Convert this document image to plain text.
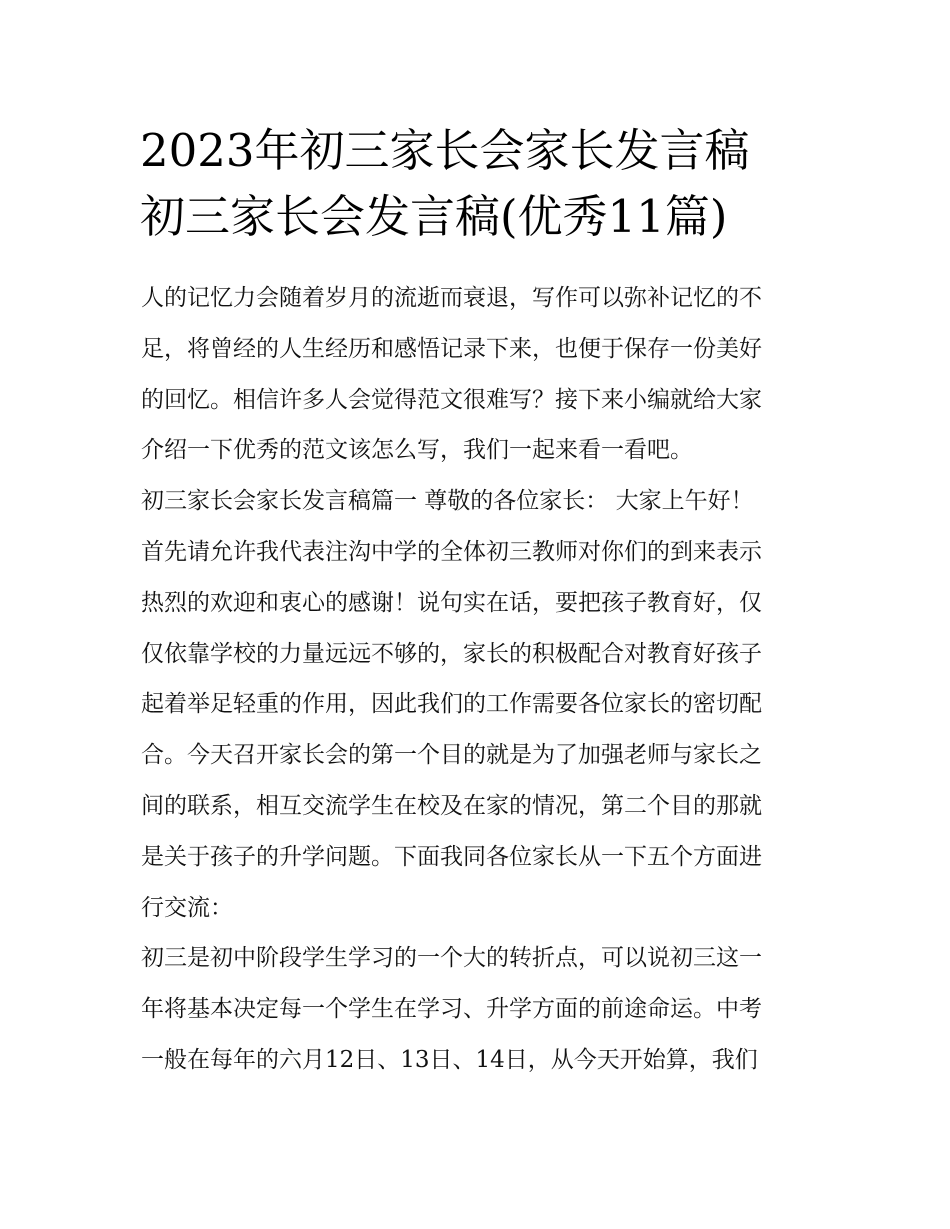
2023年初三家长会家长发言稿
初三家长会发言稿(优秀11篇)
人的记忆力会随着岁月的流逝而衰退，写作可以弥补记忆的不
足，将曾经的人生经历和感悟记录下来，也便于保存一份美好
的回忆。相信许多人会觉得范文很难写？接下来小编就给大家
介绍一下优秀的范文该怎么写，我们一起来看一看吧。
初三家长会家长发言稿篇一 尊敬的各位家长： 大家上午好！
首先请允许我代表注沟中学的全体初三教师对你们的到来表示
热烈的欢迎和衷心的感谢！说句实在话，要把孩子教育好，仅
仅依靠学校的力量远远不够的，家长的积极配合对教育好孩子
起着举足轻重的作用，因此我们的工作需要各位家长的密切配
合。今天召开家长会的第一个目的就是为了加强老师与家长之
间的联系，相互交流学生在校及在家的情况，第二个目的那就
是关于孩子的升学问题。下面我同各位家长从一下五个方面进
行交流：
初三是初中阶段学生学习的一个大的转折点，可以说初三这一
年将基本决定每一个学生在学习、升学方面的前途命运。中考
一般在每年的六月12日、13日、14日，从今天开始算，我们
